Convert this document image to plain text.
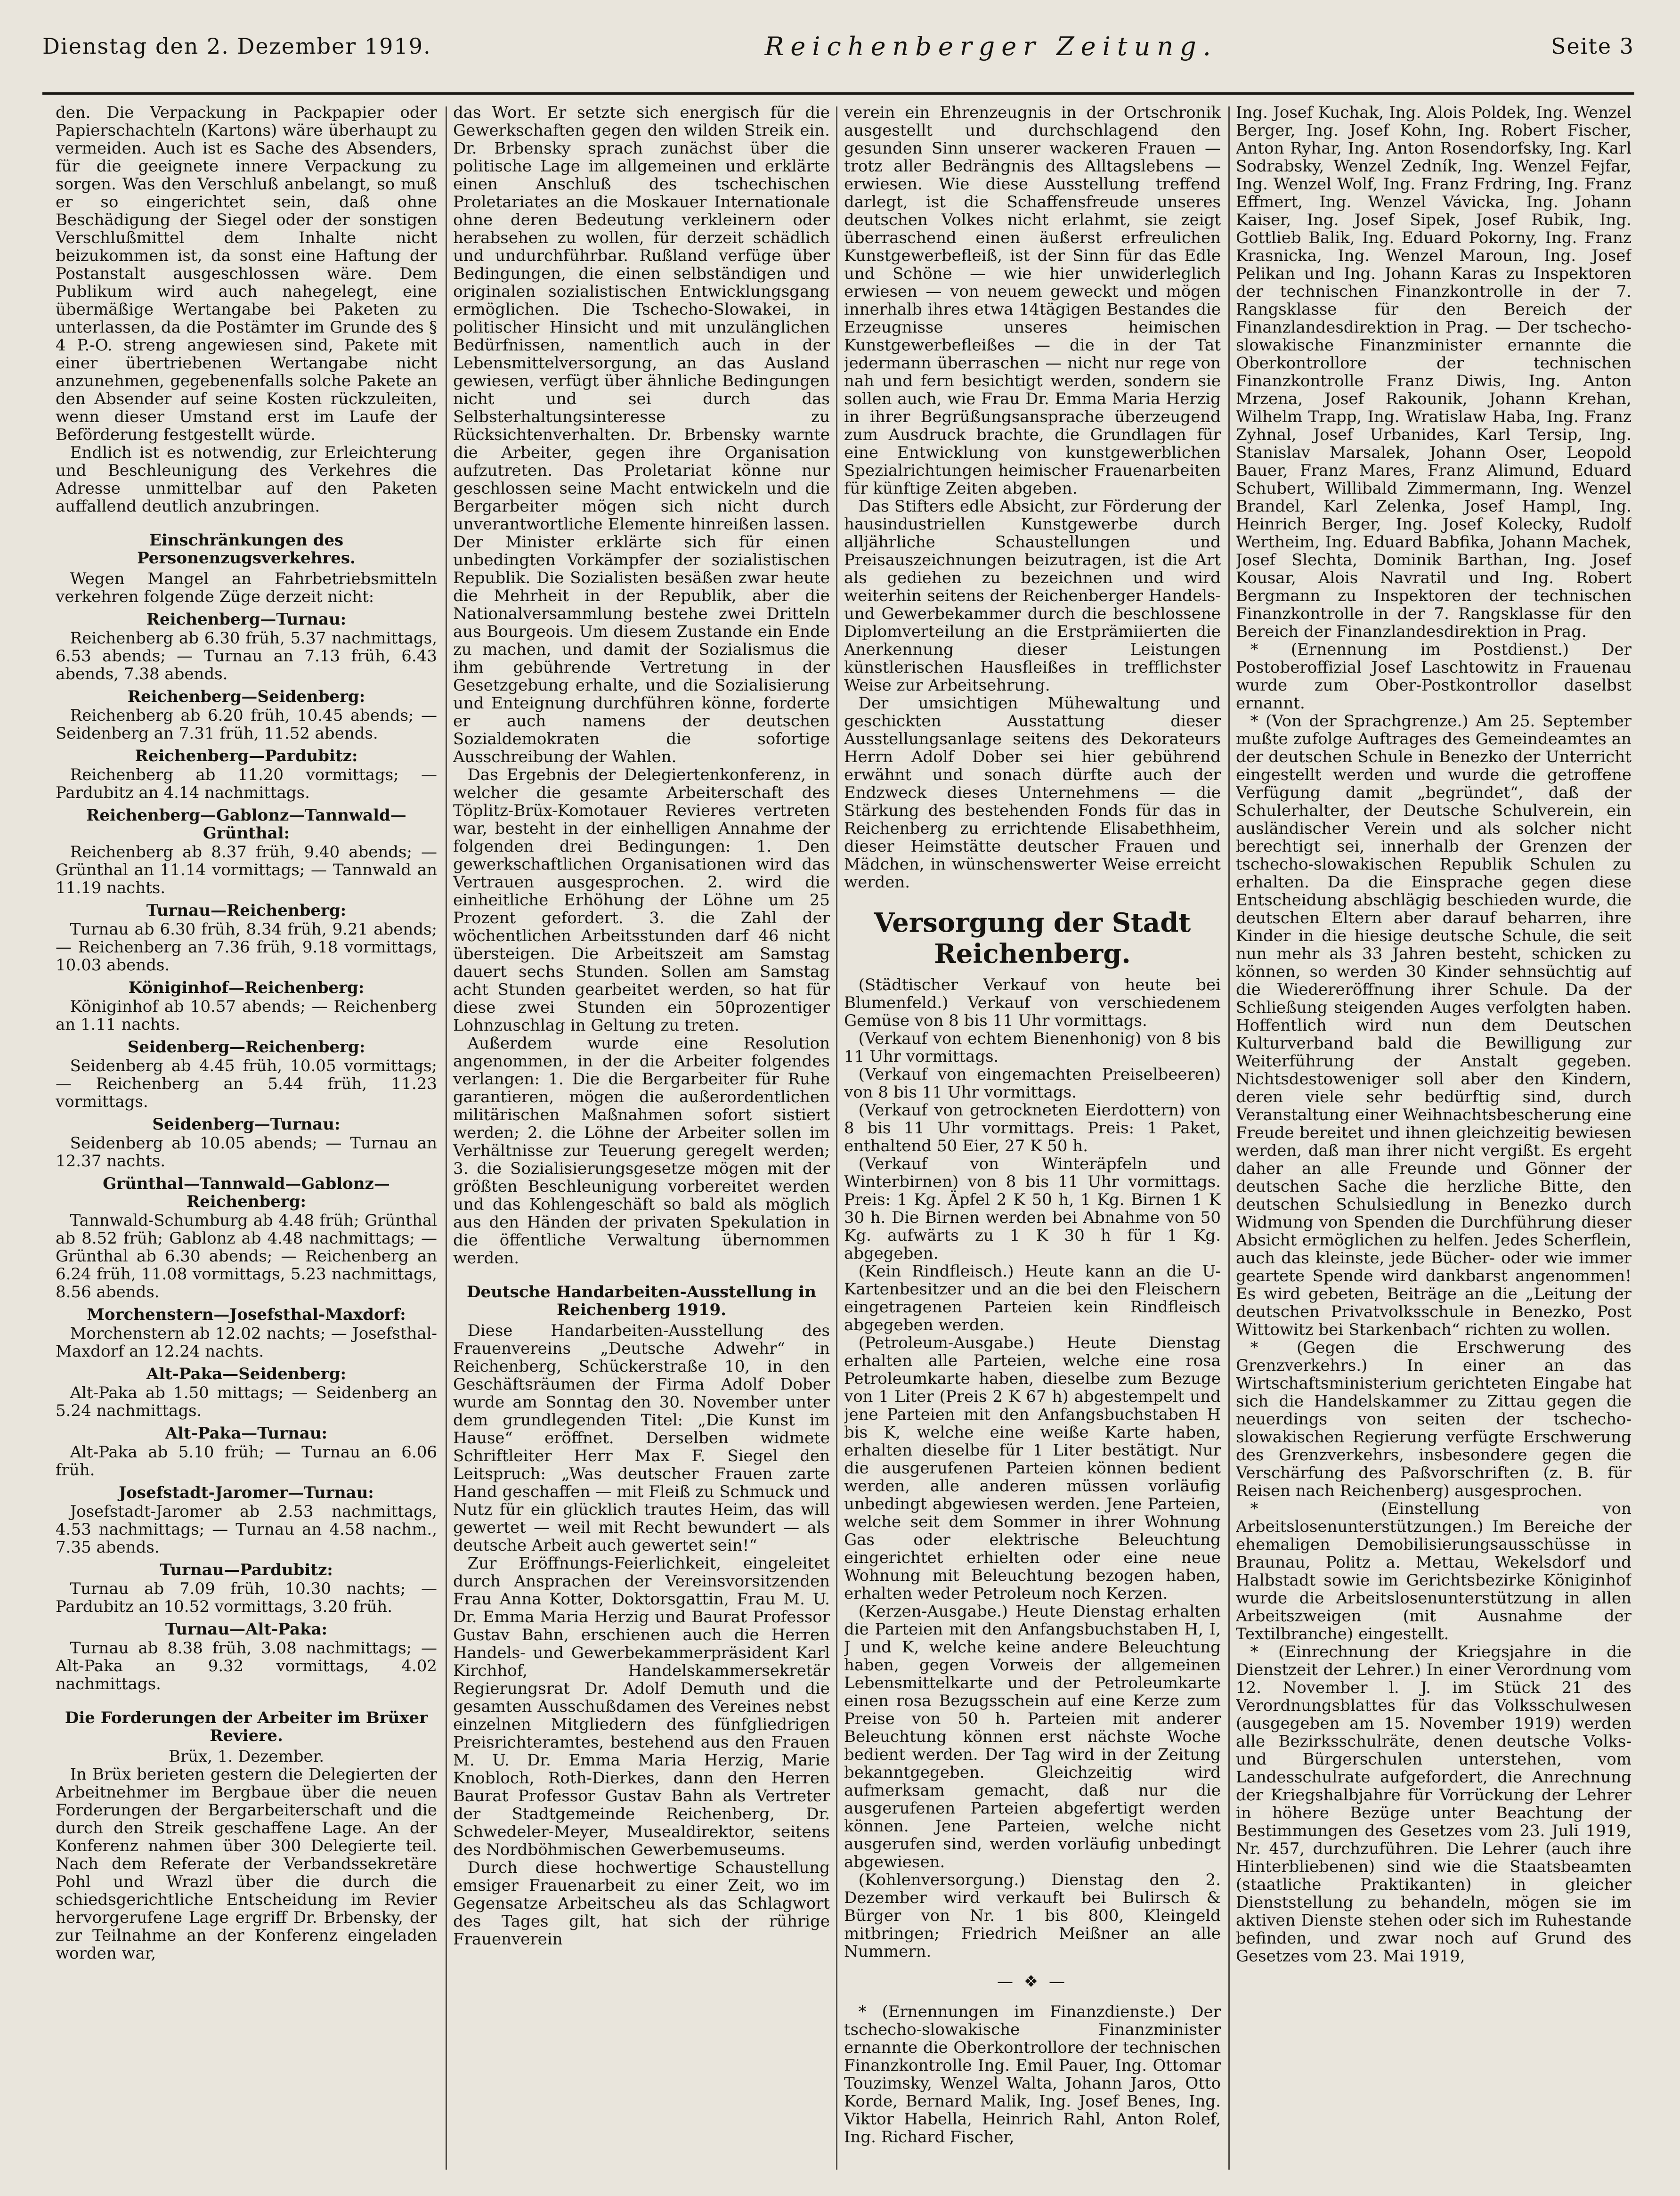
Dienstag den 2. Dezember 1919.	Reichenberger Zeitung.	Seite 3

den. Die Verpackung in Packpapier oder Papierschachteln (Kartons) wäre überhaupt zu vermeiden. Auch ist es Sache des Absenders, für die geeignete innere Verpackung zu sorgen. Was den Verschluß anbelangt, so muß er so eingerichtet sein, daß ohne Beschädigung der Siegel oder der sonstigen Verschlußmittel dem Inhalte nicht beizukommen ist, da sonst eine Haftung der Postanstalt ausgeschlossen wäre. Dem Publikum wird auch nahegelegt, eine übermäßige Wertangabe bei Paketen zu unterlassen, da die Postämter im Grunde des § 4 P.-O. streng angewiesen sind, Pakete mit einer übertriebenen Wertangabe nicht anzunehmen, gegebenenfalls solche Pakete an den Absender auf seine Kosten rückzuleiten, wenn dieser Umstand erst im Laufe der Beförderung festgestellt würde.

Endlich ist es notwendig, zur Erleichterung und Beschleunigung des Verkehres die Adresse unmittelbar auf den Paketen auffallend deutlich anzubringen.

Einschränkungen des Personenzugsverkehres.

Wegen Mangel an Fahrbetriebsmitteln verkehren folgende Züge derzeit nicht:

Reichenberg—Turnau:

Reichenberg ab 6.30 früh, 5.37 nachmittags, 6.53 abends; — Turnau an 7.13 früh, 6.43 abends, 7.38 abends.

Reichenberg—Seidenberg:

Reichenberg ab 6.20 früh, 10.45 abends; — Seidenberg an 7.31 früh, 11.52 abends.

Reichenberg—Pardubitz:

Reichenberg ab 11.20 vormittags; — Pardubitz an 4.14 nachmittags.

Reichenberg—Gablonz—Tannwald—Grünthal:

Reichenberg ab 8.37 früh, 9.40 abends; — Grünthal an 11.14 vormittags; — Tannwald an 11.19 nachts.

Turnau—Reichenberg:

Turnau ab 6.30 früh, 8.34 früh, 9.21 abends; — Reichenberg an 7.36 früh, 9.18 vormittags, 10.03 abends.

Königinhof—Reichenberg:

Königinhof ab 10.57 abends; — Reichenberg an 1.11 nachts.

Seidenberg—Reichenberg:

Seidenberg ab 4.45 früh, 10.05 vormittags; — Reichenberg an 5.44 früh, 11.23 vormittags.

Seidenberg—Turnau:

Seidenberg ab 10.05 abends; — Turnau an 12.37 nachts.

Grünthal—Tannwald—Gablonz—Reichenberg:

Tannwald-Schumburg ab 4.48 früh; Grünthal ab 8.52 früh; Gablonz ab 4.48 nachmittags; — Grünthal ab 6.30 abends; — Reichenberg an 6.24 früh, 11.08 vormittags, 5.23 nachmittags, 8.56 abends.

Morchenstern—Josefsthal-Maxdorf:

Morchenstern ab 12.02 nachts; — Josefsthal-Maxdorf an 12.24 nachts.

Alt-Paka—Seidenberg:

Alt-Paka ab 1.50 mittags; — Seidenberg an 5.24 nachmittags.

Alt-Paka—Turnau:

Alt-Paka ab 5.10 früh; — Turnau an 6.06 früh.

Josefstadt-Jaromer—Turnau:

Josefstadt-Jaromer ab 2.53 nachmittags, 4.53 nachmittags; — Turnau an 4.58 nachm., 7.35 abends.

Turnau—Pardubitz:

Turnau ab 7.09 früh, 10.30 nachts; — Pardubitz an 10.52 vormittags, 3.20 früh.

Turnau—Alt-Paka:

Turnau ab 8.38 früh, 3.08 nachmittags; — Alt-Paka an 9.32 vormittags, 4.02 nachmittags.

Die Forderungen der Arbeiter im Brüxer Reviere.

Brüx, 1. Dezember.

In Brüx berieten gestern die Delegierten der Arbeitnehmer im Bergbaue über die neuen Forderungen der Bergarbeiterschaft und die durch den Streik geschaffene Lage. An der Konferenz nahmen über 300 Delegierte teil. Nach dem Referate der Verbandssekretäre Pohl und Wrazl über die durch die schiedsgerichtliche Entscheidung im Revier hervorgerufene Lage ergriff Dr. Brbensky, der zur Teilnahme an der Konferenz eingeladen worden war,

das Wort. Er setzte sich energisch für die Gewerkschaften gegen den wilden Streik ein. Dr. Brbensky sprach zunächst über die politische Lage im allgemeinen und erklärte einen Anschluß des tschechischen Proletariates an die Moskauer Internationale ohne deren Bedeutung verkleinern oder herabsehen zu wollen, für derzeit schädlich und undurchführbar. Rußland verfüge über Bedingungen, die einen selbständigen und originalen sozialistischen Entwicklungsgang ermöglichen. Die Tschecho-Slowakei, in politischer Hinsicht und mit unzulänglichen Bedürfnissen, namentlich auch in der Lebensmittelversorgung, an das Ausland gewiesen, verfügt über ähnliche Bedingungen nicht und sei durch das Selbsterhaltungsinteresse zu Rücksichtenverhalten. Dr. Brbensky warnte die Arbeiter, gegen ihre Organisation aufzutreten. Das Proletariat könne nur geschlossen seine Macht entwickeln und die Bergarbeiter mögen sich nicht durch unverantwortliche Elemente hinreißen lassen. Der Minister erklärte sich für einen unbedingten Vorkämpfer der sozialistischen Republik. Die Sozialisten besäßen zwar heute die Mehrheit in der Republik, aber die Nationalversammlung bestehe zwei Dritteln aus Bourgeois. Um diesem Zustande ein Ende zu machen, und damit der Sozialismus die ihm gebührende Vertretung in der Gesetzgebung erhalte, und die Sozialisierung und Enteignung durchführen könne, forderte er auch namens der deutschen Sozialdemokraten die sofortige Ausschreibung der Wahlen.

Das Ergebnis der Delegiertenkonferenz, in welcher die gesamte Arbeiterschaft des Töplitz-Brüx-Komotauer Revieres vertreten war, besteht in der einhelligen Annahme der folgenden drei Bedingungen: 1. Den gewerkschaftlichen Organisationen wird das Vertrauen ausgesprochen. 2. wird die einheitliche Erhöhung der Löhne um 25 Prozent gefordert. 3. die Zahl der wöchentlichen Arbeitsstunden darf 46 nicht übersteigen. Die Arbeitszeit am Samstag dauert sechs Stunden. Sollen am Samstag acht Stunden gearbeitet werden, so hat für diese zwei Stunden ein 50prozentiger Lohnzuschlag in Geltung zu treten.

Außerdem wurde eine Resolution angenommen, in der die Arbeiter folgendes verlangen: 1. Die die Bergarbeiter für Ruhe garantieren, mögen die außerordentlichen militärischen Maßnahmen sofort sistiert werden; 2. die Löhne der Arbeiter sollen im Verhältnisse zur Teuerung geregelt werden; 3. die Sozialisierungsgesetze mögen mit der größten Beschleunigung vorbereitet werden und das Kohlengeschäft so bald als möglich aus den Händen der privaten Spekulation in die öffentliche Verwaltung übernommen werden.

Deutsche Handarbeiten-Ausstellung in Reichenberg 1919.

Diese Handarbeiten-Ausstellung des Frauenvereins „Deutsche Adwehr“ in Reichenberg, Schückerstraße 10, in den Geschäftsräumen der Firma Adolf Dober wurde am Sonntag den 30. November unter dem grundlegenden Titel: „Die Kunst im Hause“ eröffnet. Derselben widmete Schriftleiter Herr Max F. Siegel den Leitspruch: „Was deutscher Frauen zarte Hand geschaffen — mit Fleiß zu Schmuck und Nutz für ein glücklich trautes Heim, das will gewertet — weil mit Recht bewundert — als deutsche Arbeit auch gewertet sein!“

Zur Eröffnungs-Feierlichkeit, eingeleitet durch Ansprachen der Vereinsvorsitzenden Frau Anna Kotter, Doktorsgattin, Frau M. U. Dr. Emma Maria Herzig und Baurat Professor Gustav Bahn, erschienen auch die Herren Handels- und Gewerbekammerpräsident Karl Kirchhof, Handelskammersekretär Regierungsrat Dr. Adolf Demuth und die gesamten Ausschußdamen des Vereines nebst einzelnen Mitgliedern des fünfgliedrigen Preisrichteramtes, bestehend aus den Frauen M. U. Dr. Emma Maria Herzig, Marie Knobloch, Roth-Dierkes, dann den Herren Baurat Professor Gustav Bahn als Vertreter der Stadtgemeinde Reichenberg, Dr. Schwedeler-Meyer, Musealdirektor, seitens des Nordböhmischen Gewerbemuseums.

Durch diese hochwertige Schaustellung emsiger Frauenarbeit zu einer Zeit, wo im Gegensatze Arbeitscheu als das Schlagwort des Tages gilt, hat sich der rührige Frauenverein

verein ein Ehrenzeugnis in der Ortschronik ausgestellt und durchschlagend den gesunden Sinn unserer wackeren Frauen — trotz aller Bedrängnis des Alltagslebens — erwiesen. Wie diese Ausstellung treffend darlegt, ist die Schaffensfreude unseres deutschen Volkes nicht erlahmt, sie zeigt überraschend einen äußerst erfreulichen Kunstgewerbefleiß, ist der Sinn für das Edle und Schöne — wie hier unwiderleglich erwiesen — von neuem geweckt und mögen innerhalb ihres etwa 14tägigen Bestandes die Erzeugnisse unseres heimischen Kunstgewerbefleißes — die in der Tat jedermann überraschen — nicht nur rege von nah und fern besichtigt werden, sondern sie sollen auch, wie Frau Dr. Emma Maria Herzig in ihrer Begrüßungsansprache überzeugend zum Ausdruck brachte, die Grundlagen für eine Entwicklung von kunstgewerblichen Spezialrichtungen heimischer Frauenarbeiten für künftige Zeiten abgeben.

Das Stifters edle Absicht, zur Förderung der hausindustriellen Kunstgewerbe durch alljährliche Schaustellungen und Preisauszeichnungen beizutragen, ist die Art als gediehen zu bezeichnen und wird weiterhin seitens der Reichenberger Handels- und Gewerbekammer durch die beschlossene Diplomverteilung an die Erstprämiierten die Anerkennung dieser Leistungen künstlerischen Hausfleißes in trefflichster Weise zur Arbeitsehrung.

Der umsichtigen Mühewaltung und geschickten Ausstattung dieser Ausstellungsanlage seitens des Dekorateurs Herrn Adolf Dober sei hier gebührend erwähnt und sonach dürfte auch der Endzweck dieses Unternehmens — die Stärkung des bestehenden Fonds für das in Reichenberg zu errichtende Elisabethheim, dieser Heimstätte deutscher Frauen und Mädchen, in wünschenswerter Weise erreicht werden.

Versorgung der Stadt Reichenberg.

(Städtischer Verkauf von heute bei Blumenfeld.) Verkauf von verschiedenem Gemüse von 8 bis 11 Uhr vormittags.

(Verkauf von echtem Bienenhonig) von 8 bis 11 Uhr vormittags.

(Verkauf von eingemachten Preiselbeeren) von 8 bis 11 Uhr vormittags.

(Verkauf von getrockneten Eierdottern) von 8 bis 11 Uhr vormittags. Preis: 1 Paket, enthaltend 50 Eier, 27 K 50 h.

(Verkauf von Winteräpfeln und Winterbirnen) von 8 bis 11 Uhr vormittags. Preis: 1 Kg. Äpfel 2 K 50 h, 1 Kg. Birnen 1 K 30 h. Die Birnen werden bei Abnahme von 50 Kg. aufwärts zu 1 K 30 h für 1 Kg. abgegeben.

(Kein Rindfleisch.) Heute kann an die U-Kartenbesitzer und an die bei den Fleischern eingetragenen Parteien kein Rindfleisch abgegeben werden.

(Petroleum-Ausgabe.) Heute Dienstag erhalten alle Parteien, welche eine rosa Petroleumkarte haben, dieselbe zum Bezuge von 1 Liter (Preis 2 K 67 h) abgestempelt und jene Parteien mit den Anfangsbuchstaben H bis K, welche eine weiße Karte haben, erhalten dieselbe für 1 Liter bestätigt. Nur die ausgerufenen Parteien können bedient werden, alle anderen müssen vorläufig unbedingt abgewiesen werden. Jene Parteien, welche seit dem Sommer in ihrer Wohnung Gas oder elektrische Beleuchtung eingerichtet erhielten oder eine neue Wohnung mit Beleuchtung bezogen haben, erhalten weder Petroleum noch Kerzen.

(Kerzen-Ausgabe.) Heute Dienstag erhalten die Parteien mit den Anfangsbuchstaben H, I, J und K, welche keine andere Beleuchtung haben, gegen Vorweis der allgemeinen Lebensmittelkarte und der Petroleumkarte einen rosa Bezugsschein auf eine Kerze zum Preise von 50 h. Parteien mit anderer Beleuchtung können erst nächste Woche bedient werden. Der Tag wird in der Zeitung bekanntgegeben. Gleichzeitig wird aufmerksam gemacht, daß nur die ausgerufenen Parteien abgefertigt werden können. Jene Parteien, welche nicht ausgerufen sind, werden vorläufig unbedingt abgewiesen.

(Kohlenversorgung.) Dienstag den 2. Dezember wird verkauft bei Bulirsch & Bürger von Nr. 1 bis 800, Kleingeld mitbringen; Friedrich Meißner an alle Nummern.

— ❖ —

* (Ernennungen im Finanzdienste.) Der tschecho-slowakische Finanzminister ernannte die Oberkontrollore der technischen Finanzkontrolle Ing. Emil Pauer, Ing. Ottomar Touzimsky, Wenzel Walta, Johann Jaros, Otto Korde, Bernard Malik, Ing. Josef Benes, Ing. Viktor Habella, Heinrich Rahl, Anton Rolef, Ing. Richard Fischer,

Ing. Josef Kuchak, Ing. Alois Poldek, Ing. Wenzel Berger, Ing. Josef Kohn, Ing. Robert Fischer, Anton Ryhar, Ing. Anton Rosendorfsky, Ing. Karl Sodrabsky, Wenzel Zedník, Ing. Wenzel Fejfar, Ing. Wenzel Wolf, Ing. Franz Frdring, Ing. Franz Effmert, Ing. Wenzel Vávicka, Ing. Johann Kaiser, Ing. Josef Sipek, Josef Rubik, Ing. Gottlieb Balik, Ing. Eduard Pokorny, Ing. Franz Krasnicka, Ing. Wenzel Maroun, Ing. Josef Pelikan und Ing. Johann Karas zu Inspektoren der technischen Finanzkontrolle in der 7. Rangsklasse für den Bereich der Finanzlandesdirektion in Prag. — Der tschecho-slowakische Finanzminister ernannte die Oberkontrollore der technischen Finanzkontrolle Franz Diwis, Ing. Anton Mrzena, Josef Rakounik, Johann Krehan, Wilhelm Trapp, Ing. Wratislaw Haba, Ing. Franz Zyhnal, Josef Urbanides, Karl Tersip, Ing. Stanislav Marsalek, Johann Oser, Leopold Bauer, Franz Mares, Franz Alimund, Eduard Schubert, Willibald Zimmermann, Ing. Wenzel Brandel, Karl Zelenka, Josef Hampl, Ing. Heinrich Berger, Ing. Josef Kolecky, Rudolf Wertheim, Ing. Eduard Babfika, Johann Machek, Josef Slechta, Dominik Barthan, Ing. Josef Kousar, Alois Navratil und Ing. Robert Bergmann zu Inspektoren der technischen Finanzkontrolle in der 7. Rangsklasse für den Bereich der Finanzlandesdirektion in Prag.

* (Ernennung im Postdienst.) Der Postoberoffizial Josef Laschtowitz in Frauenau wurde zum Ober-Postkontrollor daselbst ernannt.

* (Von der Sprachgrenze.) Am 25. September mußte zufolge Auftrages des Gemeindeamtes an der deutschen Schule in Benezko der Unterricht eingestellt werden und wurde die getroffene Verfügung damit „begründet“, daß der Schulerhalter, der Deutsche Schulverein, ein ausländischer Verein und als solcher nicht berechtigt sei, innerhalb der Grenzen der tschecho-slowakischen Republik Schulen zu erhalten. Da die Einsprache gegen diese Entscheidung abschlägig beschieden wurde, die deutschen Eltern aber darauf beharren, ihre Kinder in die hiesige deutsche Schule, die seit nun mehr als 33 Jahren besteht, schicken zu können, so werden 30 Kinder sehnsüchtig auf die Wiedereröffnung ihrer Schule. Da der Schließung steigenden Auges verfolgten haben. Hoffentlich wird nun dem Deutschen Kulturverband bald die Bewilligung zur Weiterführung der Anstalt gegeben. Nichtsdestoweniger soll aber den Kindern, deren viele sehr bedürftig sind, durch Veranstaltung einer Weihnachtsbescherung eine Freude bereitet und ihnen gleichzeitig bewiesen werden, daß man ihrer nicht vergißt. Es ergeht daher an alle Freunde und Gönner der deutschen Sache die herzliche Bitte, den deutschen Schulsiedlung in Benezko durch Widmung von Spenden die Durchführung dieser Absicht ermöglichen zu helfen. Jedes Scherflein, auch das kleinste, jede Bücher- oder wie immer geartete Spende wird dankbarst angenommen! Es wird gebeten, Beiträge an die „Leitung der deutschen Privatvolksschule in Benezko, Post Wittowitz bei Starkenbach“ richten zu wollen.

* (Gegen die Erschwerung des Grenzverkehrs.) In einer an das Wirtschaftsministerium gerichteten Eingabe hat sich die Handelskammer zu Zittau gegen die neuerdings von seiten der tschecho-slowakischen Regierung verfügte Erschwerung des Grenzverkehrs, insbesondere gegen die Verschärfung des Paßvorschriften (z. B. für Reisen nach Reichenberg) ausgesprochen.

* (Einstellung von Arbeitslosenunterstützungen.) Im Bereiche der ehemaligen Demobilisierungsausschüsse in Braunau, Politz a. Mettau, Wekelsdorf und Halbstadt sowie im Gerichtsbezirke Königinhof wurde die Arbeitslosenunterstützung in allen Arbeitszweigen (mit Ausnahme der Textilbranche) eingestellt.

* (Einrechnung der Kriegsjahre in die Dienstzeit der Lehrer.) In einer Verordnung vom 12. November l. J. im Stück 21 des Verordnungsblattes für das Volksschulwesen (ausgegeben am 15. November 1919) werden alle Bezirksschulräte, denen deutsche Volks- und Bürgerschulen unterstehen, vom Landesschulrate aufgefordert, die Anrechnung der Kriegshalbjahre für Vorrückung der Lehrer in höhere Bezüge unter Beachtung der Bestimmungen des Gesetzes vom 23. Juli 1919, Nr. 457, durchzuführen. Die Lehrer (auch ihre Hinterbliebenen) sind wie die Staatsbeamten (staatliche Praktikanten) in gleicher Dienststellung zu behandeln, mögen sie im aktiven Dienste stehen oder sich im Ruhestande befinden, und zwar noch auf Grund des Gesetzes vom 23. Mai 1919,
